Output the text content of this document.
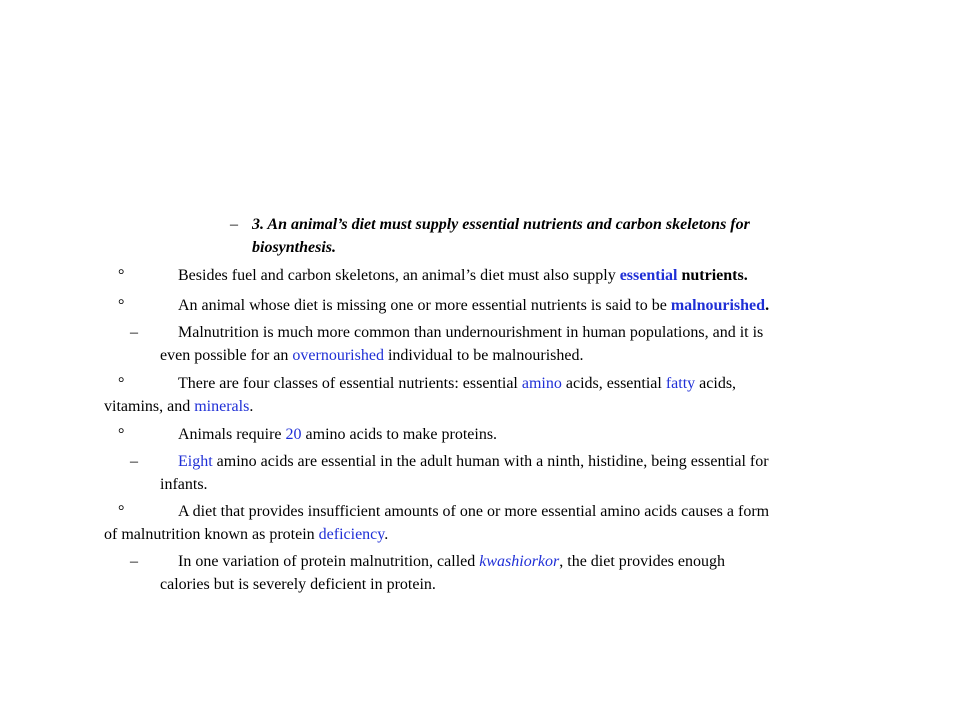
– 3. An animal’s diet must supply essential nutrients and carbon skeletons for
biosynthesis.
°	Besides fuel and carbon skeletons, an animal’s diet must also supply essential nutrients.
°	An animal whose diet is missing one or more essential nutrients is said to be malnourished.
–	Malnutrition is much more common than undernourishment in human populations, and it is
even possible for an overnourished individual to be malnourished.
°	There are four classes of essential nutrients: essential amino acids, essential fatty acids,
vitamins, and minerals.
°	Animals require 20 amino acids to make proteins.
–	Eight amino acids are essential in the adult human with a ninth, histidine, being essential for
infants.
°	A diet that provides insufficient amounts of one or more essential amino acids causes a form
of malnutrition known as protein deficiency.
–	In one variation of protein malnutrition, called kwashiorkor, the diet provides enough
calories but is severely deficient in protein.
